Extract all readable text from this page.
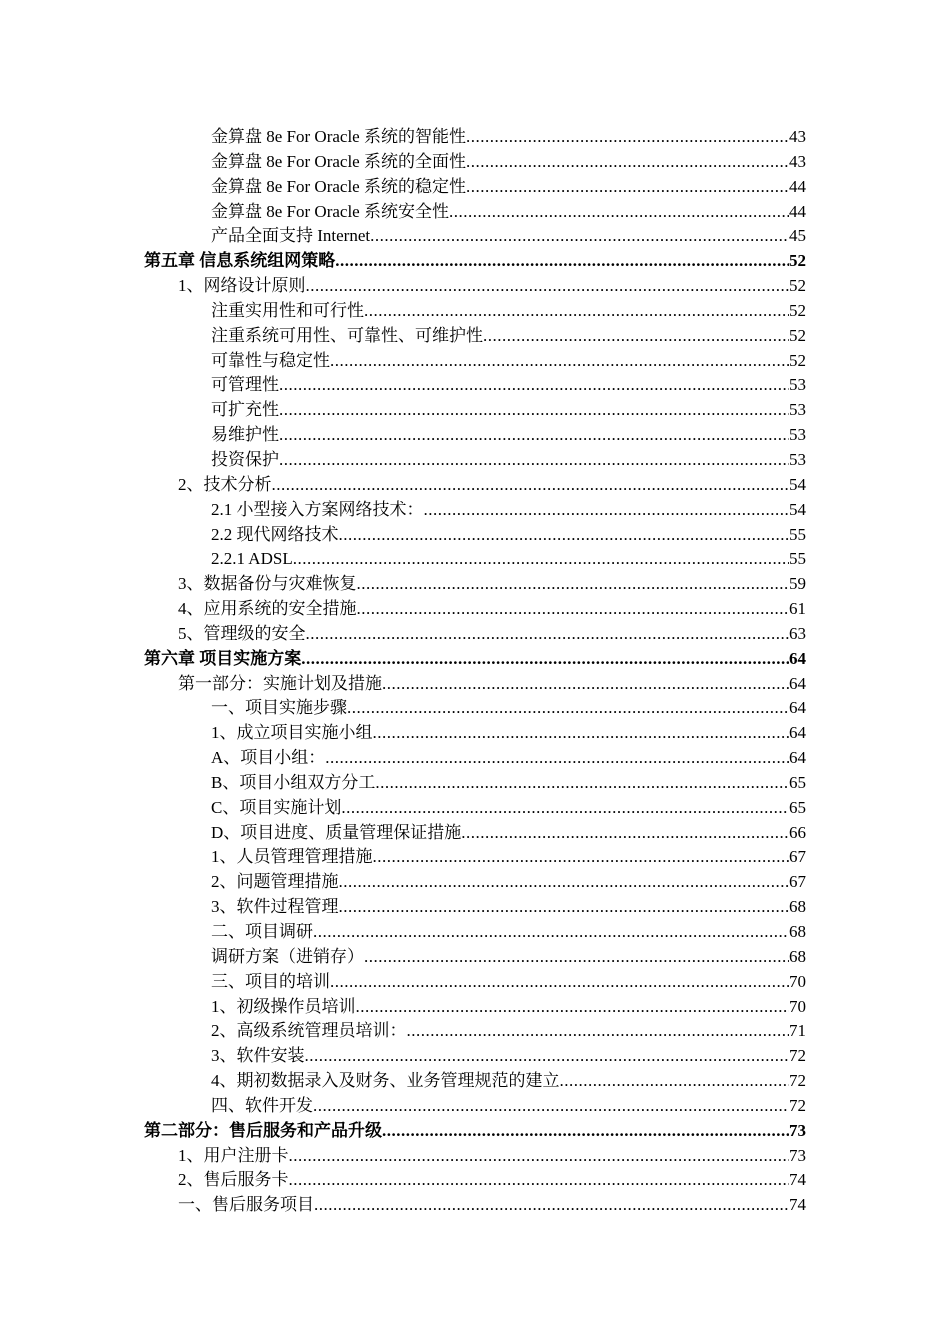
金算盘 8e For Oracle 系统的智能性 .....	43
金算盘 8e For Oracle 系统的全面性 .....	43
金算盘 8e For Oracle 系统的稳定性 .....	44
金算盘 8e For Oracle 系统安全性 .....	44
产品全面支持 Internet .....	45
第五章 信息系统组网策略 .....	52
1、网络设计原则 .....	52
注重实用性和可行性 .....	52
注重系统可用性、可靠性、可维护性 .....	52
可靠性与稳定性 .....	52
可管理性 .....	53
可扩充性 .....	53
易维护性 .....	53
投资保护 .....	53
2、技术分析 .....	54
2.1 小型接入方案网络技术： .....	54
2.2 现代网络技术 .....	55
2.2.1 ADSL .....	55
3、数据备份与灾难恢复 .....	59
4、应用系统的安全措施 .....	61
5、管理级的安全 .....	63
第六章 项目实施方案 .....	64
第一部分：实施计划及措施 .....	64
一、项目实施步骤 .....	64
1、成立项目实施小组 .....	64
A、项目小组： .....	64
B、项目小组双方分工 .....	65
C、项目实施计划 .....	65
D、项目进度、质量管理保证措施 .....	66
1、人员管理管理措施 .....	67
2、问题管理措施 .....	67
3、软件过程管理 .....	68
二、项目调研 .....	68
调研方案（进销存） .....	68
三、项目的培训 .....	70
1、初级操作员培训 .....	70
2、高级系统管理员培训： .....	71
3、软件安装 .....	72
4、期初数据录入及财务、业务管理规范的建立 .....	72
四、软件开发 .....	72
第二部分：售后服务和产品升级 .....	73
1、用户注册卡 .....	73
2、售后服务卡 .....	74
一、售后服务项目 .....	74
